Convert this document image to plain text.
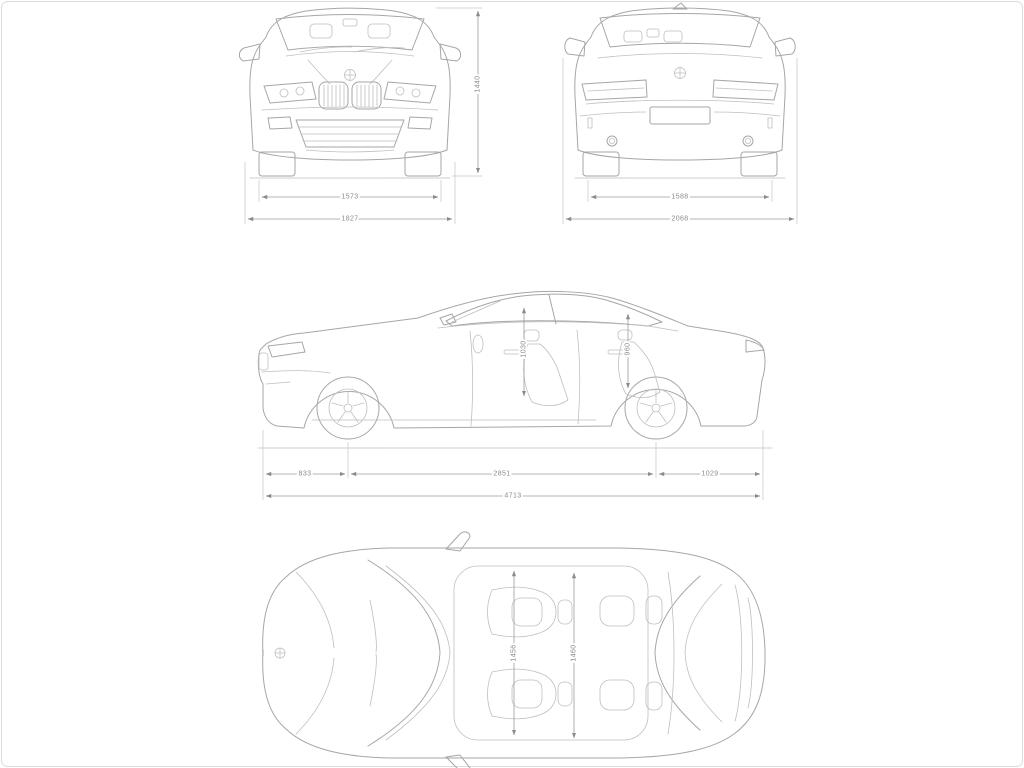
1573
1827
1440
1588
2068
1030	960
833	2851	1029
4713
1456	1460
